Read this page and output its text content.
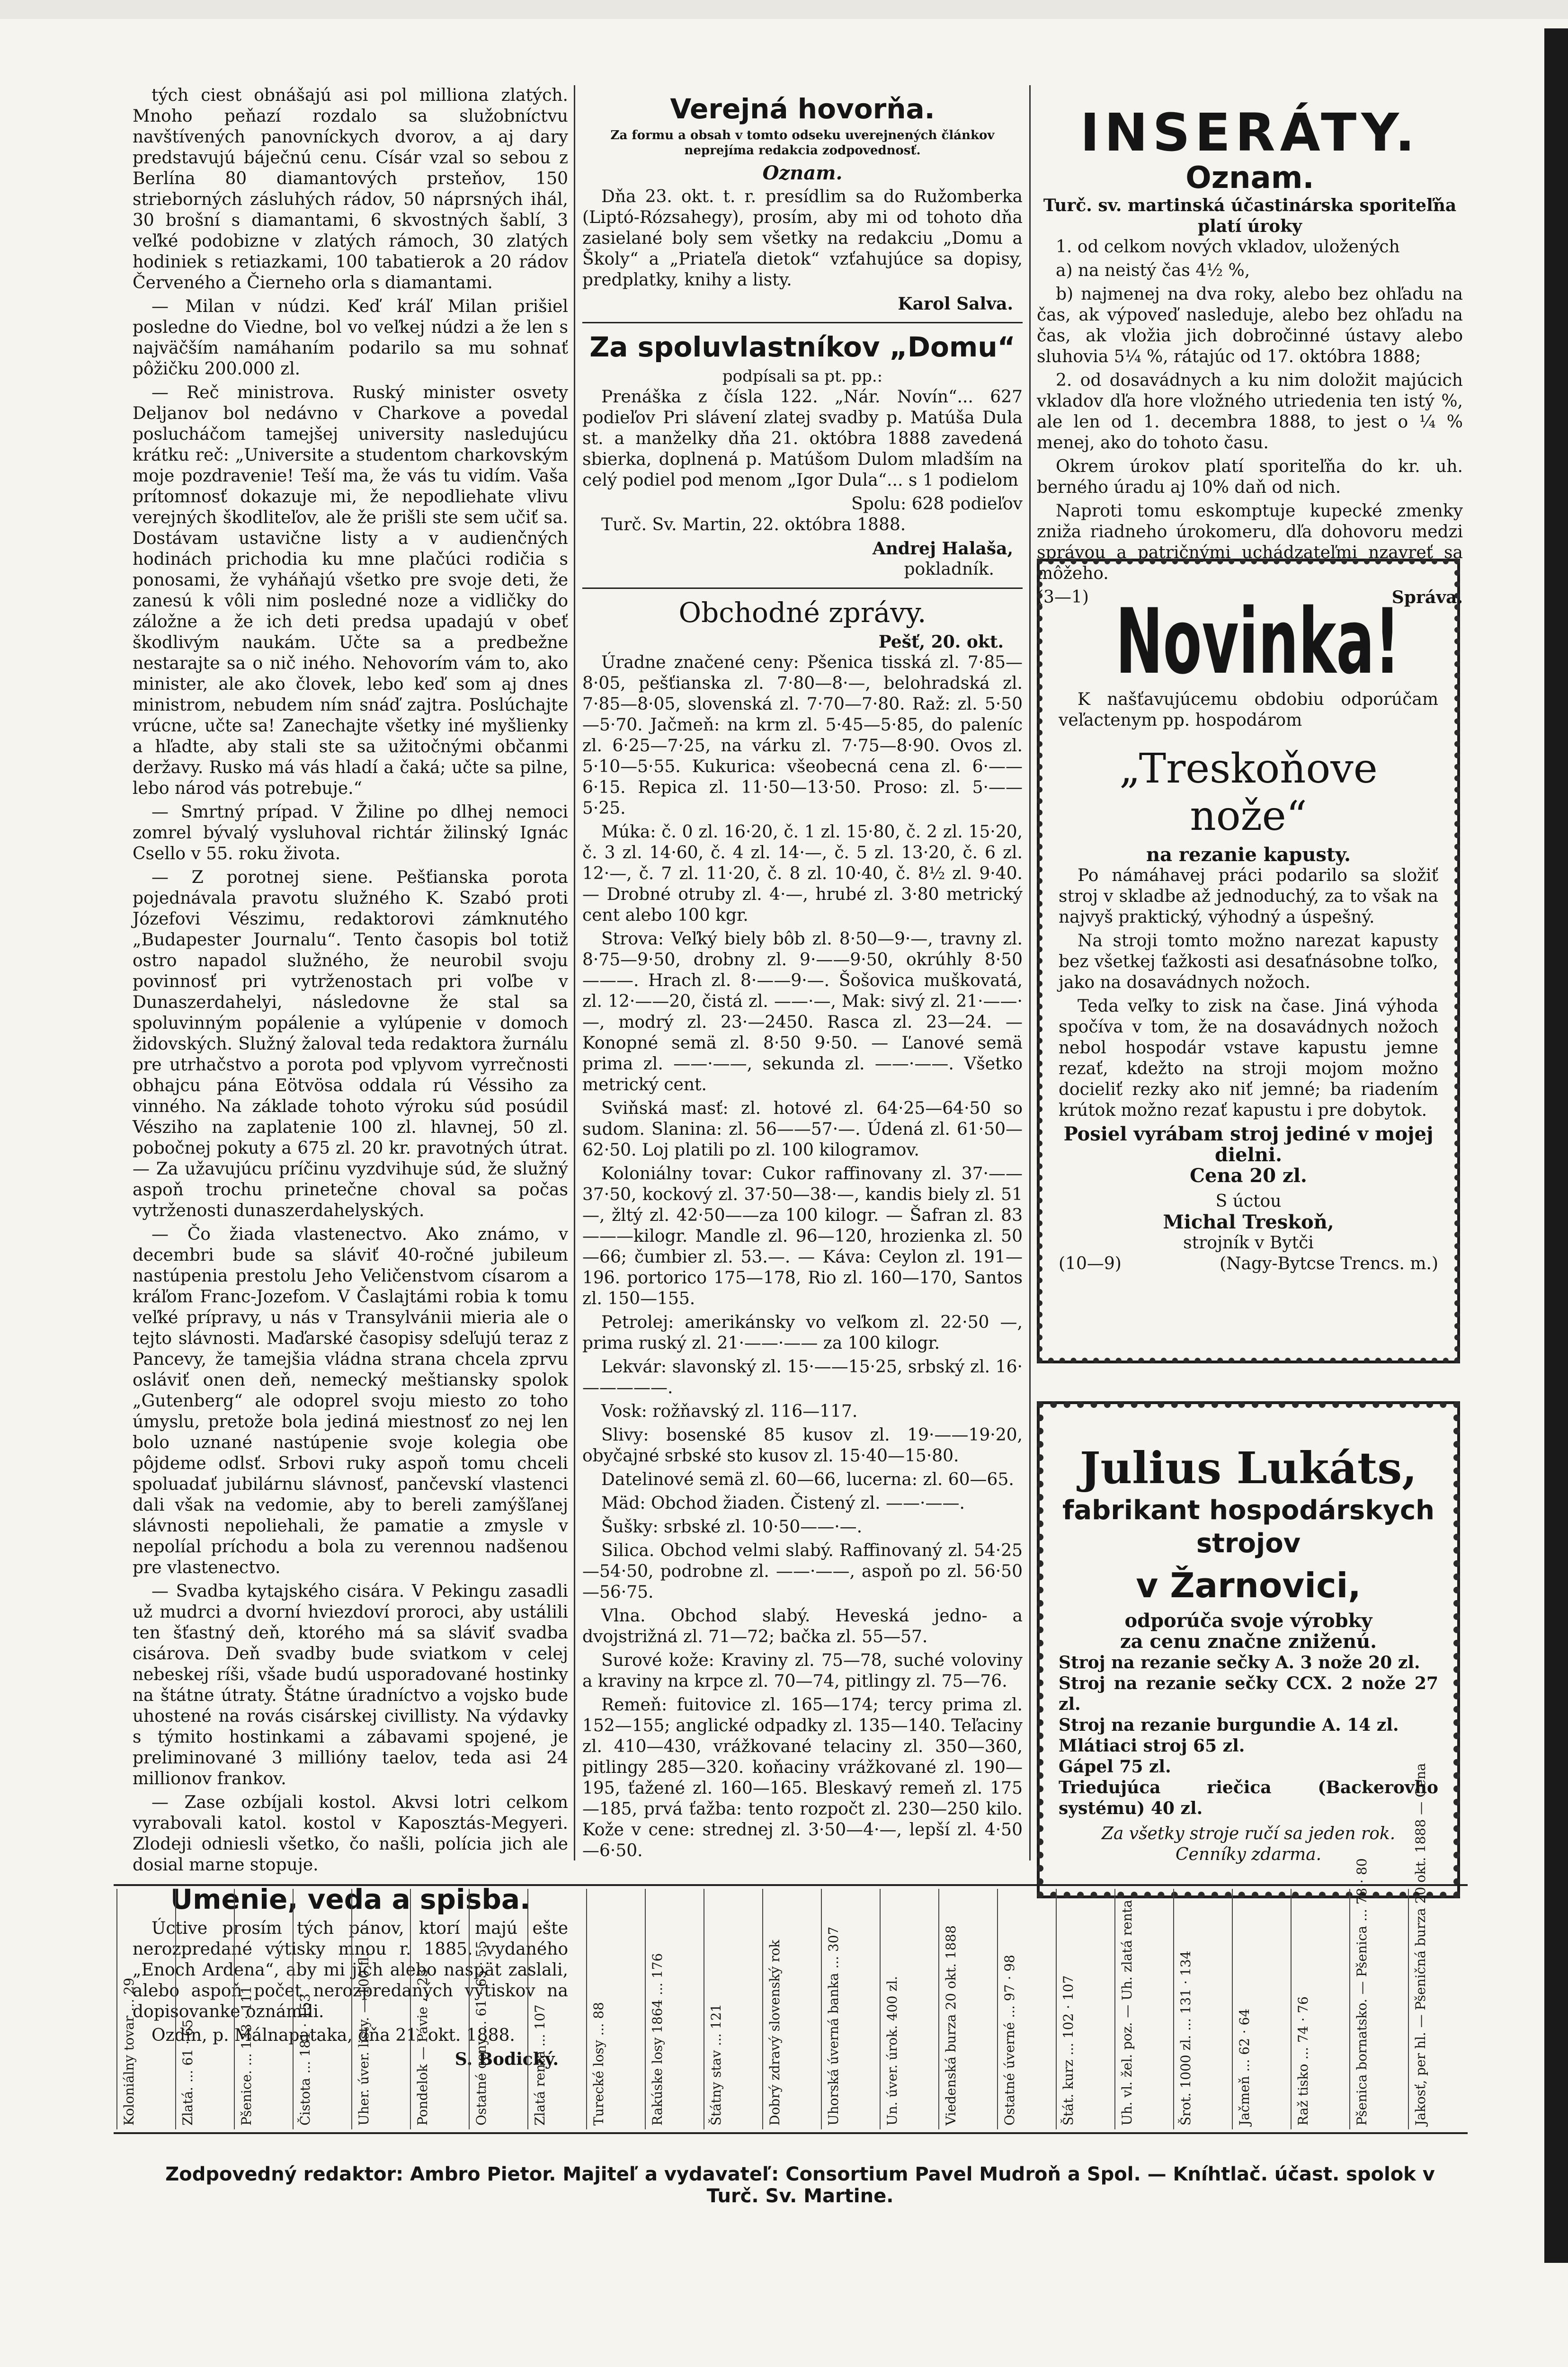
tých ciest obnášajú asi pol milliona zlatých. Mnoho peňazí rozdalo sa služobníctvu navštívených panovníckych dvorov, a aj dary predstavujú báječnú cenu. Císár vzal so sebou z Berlína 80 diamantových prsteňov, 150 strieborných zásluhých rádov, 50 náprsných ihál, 30 brošní s diamantami, 6 skvostných šablí, 3 veľké podobizne v zlatých rámoch, 30 zlatých hodiniek s retiazkami, 100 tabatierok a 20 rádov Červeného a Čierneho orla s diamantami.

— Milan v núdzi. Keď kráľ Milan prišiel posledne do Viedne, bol vo veľkej núdzi a že len s najväčším namáhaním podarilo sa mu sohnať pôžičku 200.000 zl.

— Reč ministrova. Ruský minister osvety Deljanov bol nedávno v Charkove a povedal poslucháčom tamejšej university nasledujúcu krátku reč: „Universite a studentom charkovským moje pozdravenie! Teší ma, že vás tu vidím. Vaša prítomnosť dokazuje mi, že nepodliehate vlivu verejných škodliteľov, ale že prišli ste sem učiť sa. Dostávam ustavične listy a v audienčných hodinách prichodia ku mne plačúci rodičia s ponosami, že vyháňajú všetko pre svoje deti, že zanesú k vôli nim posledné noze a vidličky do záložne a že ich deti predsa upadajú v obeť škodlivým naukám. Učte sa a predbežne nestarajte sa o nič iného. Nehovorím vám to, ako minister, ale ako človek, lebo keď som aj dnes ministrom, nebudem ním snáď zajtra. Poslúchajte vrúcne, učte sa! Zanechajte všetky iné myšlienky a hľadte, aby stali ste sa užitočnými občanmi deržavy. Rusko má vás hladí a čaká; učte sa pilne, lebo národ vás potrebuje.“

— Smrtný prípad. V Žiline po dlhej nemoci zomrel bývalý vysluhoval richtár žilinský Ignác Csello v 55. roku života.

— Z porotnej siene. Pešťianska porota pojednávala pravotu služného K. Szabó proti Józefovi Vészimu, redaktorovi zámknutého „Budapester Journalu“. Tento časopis bol totiž ostro napadol služného, že neurobil svoju povinnosť pri vytrženostach pri voľbe v Dunaszerdahelyi, následovne že stal sa spoluvinným popálenie a vylúpenie v domoch židovských. Služný žaloval teda redaktora žurnálu pre utrhačstvo a porota pod vplyvom vyrrečnosti obhajcu pána Eötvösa oddala rú Véssiho za vinného. Na základe tohoto výroku súd posúdil Vésziho na zaplatenie 100 zl. hlavnej, 50 zl. pobočnej pokuty a 675 zl. 20 kr. pravotných útrat. — Za užavujúcu príčinu vyzdvihuje súd, že služný aspoň trochu prinetečne choval sa počas vytrženosti dunaszerdahelyských.

— Čo žiada vlastenectvo. Ako známo, v decembri bude sa sláviť 40-ročné jubileum nastúpenia prestolu Jeho Veličenstvom císarom a kráľom Franc-Jozefom. V Časlajtámi robia k tomu veľké prípravy, u nás v Transylvánii mieria ale o tejto slávnosti. Maďarské časopisy sdeľujú teraz z Pancevy, že tamejšia vládna strana chcela zprvu osláviť onen deň, nemecký meštiansky spolok „Gutenberg“ ale odoprel svoju miesto zo toho úmyslu, pretože bola jediná miestnosť zo nej len bolo uznané nastúpenie svoje kolegia obe pôjdeme odlsť. Srbovi ruky aspoň tomu chceli spoluadať jubilárnu slávnosť, pančevskí vlastenci dali však na vedomie, aby to bereli zamýšľanej slávnosti nepoliehali, že pamatie a zmysle v nepolíal príchodu a bola zu verennou nadšenou pre vlastenectvo.

— Svadba kytajského cisára. V Pekingu zasadli už mudrci a dvorní hviezdoví proroci, aby ustálili ten šťastný deň, ktorého má sa sláviť svadba cisárova. Deň svadby bude sviatkom v celej nebeskej ríši, všade budú usporadované hostinky na štátne útraty. Štátne úradníctvo a vojsko bude uhostené na rovás cisárskej civillisty. Na výdavky s týmito hostinkami a zábavami spojené, je preliminované 3 millióny taelov, teda asi 24 millionov frankov.

— Zase ozbíjali kostol. Akvsi lotri celkom vyrabovali katol. kostol v Kaposztás-Megyeri. Zlodeji odniesli všetko, čo našli, polícia jich ale dosial marne stopuje.

Umenie, veda a spisba.

Úctive prosím tých pánov, ktorí majú ešte nerozpredané výtisky mnou r. 1885. vydaného „Enoch Ardena“, aby mi jich alebo naspät zaslali, alebo aspoň počet nerozpredaných výtiskov na dopisovanke oznámili.

Ozdín, p. Málnapataka, dňa 21. okt. 1888.

S. Bodický.
Verejná hovorňa.
Za formu a obsah v tomto odseku uverejnených článkov neprejíma redakcia zodpovednosť.
Oznam.

Dňa 23. okt. t. r. presídlim sa do Ružomberka (Liptó-Rózsahegy), prosím, aby mi od tohoto dňa zasielané boly sem všetky na redakciu „Domu a Školy“ a „Priateľa dietok“ vzťahujúce sa dopisy, predplatky, knihy a listy.

Karol Salva.
Za spoluvlastníkov „Domu“
podpísali sa pt. pp.:

Prenáška z čísla 122. „Nár. Novín“... 627 podieľov Pri slávení zlatej svadby p. Matúša Dula st. a manželky dňa 21. októbra 1888 zavedená sbierka, doplnená p. Matúšom Dulom mladším na celý podiel pod menom „Igor Dula“... s 1 podielom

Spolu: 628 podieľov

Turč. Sv. Martin, 22. októbra 1888.

Andrej Halaša,
pokladník.
Obchodné zprávy.
Pešť, 20. okt.

Úradne značené ceny: Pšenica tisská zl. 7·85—8·05, pešťianska zl. 7·80—8·—, belohradská zl. 7·85—8·05, slovenská zl. 7·70—7·80. Raž: zl. 5·50—5·70. Jačmeň: na krm zl. 5·45—5·85, do paleníc zl. 6·25—7·25, na várku zl. 7·75—8·90. Ovos zl. 5·10—5·55. Kukurica: všeobecná cena zl. 6·——6·15. Repica zl. 11·50—13·50. Proso: zl. 5·——5·25.

Múka: č. 0 zl. 16·20, č. 1 zl. 15·80, č. 2 zl. 15·20, č. 3 zl. 14·60, č. 4 zl. 14·—, č. 5 zl. 13·20, č. 6 zl. 12·—, č. 7 zl. 11·20, č. 8 zl. 10·40, č. 8½ zl. 9·40. — Drobné otruby zl. 4·—, hrubé zl. 3·80 metrický cent alebo 100 kgr.

Strova: Veľký biely bôb zl. 8·50—9·—, travny zl. 8·75—9·50, drobny zl. 9·——9·50, okrúhly 8·50———. Hrach zl. 8·——9·—. Šošovica muškovatá, zl. 12·——20, čistá zl. ——·—, Mak: sivý zl. 21·——·—, modrý zl. 23·—2450. Rasca zl. 23—24. — Konopné semä zl. 8·50 9·50. — Ľanové semä prima zl. ——·——, sekunda zl. ——·——. Všetko metrický cent.

Sviňská masť: zl. hotové zl. 64·25—64·50 so sudom. Slanina: zl. 56——57·—. Údená zl. 61·50—62·50. Loj platili po zl. 100 kilogramov.

Koloniálny tovar: Cukor raffinovany zl. 37·——37·50, kockový zl. 37·50—38·—, kandis biely zl. 51—, žltý zl. 42·50——za 100 kilogr. — Šafran zl. 83———kilogr. Mandle zl. 96—120, hrozienka zl. 50—66; čumbier zl. 53.—. — Káva: Ceylon zl. 191—196. portorico 175—178, Rio zl. 160—170, Santos zl. 150—155.

Petrolej: amerikánsky vo veľkom zl. 22·50 —, prima ruský zl. 21·——·—— za 100 kilogr.

Lekvár: slavonský zl. 15·——15·25, srbský zl. 16·—————.

Vosk: rožňavský zl. 116—117.

Slivy: bosenské 85 kusov zl. 19·——19·20, obyčajné srbské sto kusov zl. 15·40—15·80.

Datelinové semä zl. 60—66, lucerna: zl. 60—65.

Mäd: Obchod žiaden. Čistený zl. ——·——.

Šušky: srbské zl. 10·50——·—.

Silica. Obchod velmi slabý. Raffinovaný zl. 54·25—54·50, podrobne zl. ——·——, aspoň po zl. 56·50—56·75.

Vlna. Obchod slabý. Heveská jedno- a dvojstrižná zl. 71—72; bačka zl. 55—57.

Surové kože: Kraviny zl. 75—78, suché voloviny a kraviny na krpce zl. 70—74, pitlingy zl. 75—76.

Remeň: fuitovice zl. 165—174; tercy prima zl. 152—155; anglické odpadky zl. 135—140. Teľaciny zl. 410—430, vrážkované telaciny zl. 350—360, pitlingy 285—320. koňaciny vrážkované zl. 190—195, ťažené zl. 160—165. Bleskavý remeň zl. 175—185, prvá ťažba: tento rozpočt zl. 230—250 kilo. Kože v cene: strednej zl. 3·50—4·—, lepší zl. 4·50—6·50.

INSERÁTY.
Oznam.
Turč. sv. martinská účastinárska sporiteľňa platí úroky

1. od celkom nových vkladov, uložených

a) na neistý čas 4½ %,

b) najmenej na dva roky, alebo bez ohľadu na čas, ak výpoveď nasleduje, alebo bez ohľadu na čas, ak vložia jich dobročinné ústavy alebo sluhovia 5¼ %, rátajúc od 17. októbra 1888;

2. od dosavádnych a ku nim doložit majúcich vkladov dľa hore vložného utriedenia ten istý %, ale len od 1. decembra 1888, to jest o ¼ % menej, ako do tohoto času.

Okrem úrokov platí sporiteľňa do kr. uh. berného úradu aj 10% daň od nich.

Naproti tomu eskomptuje kupecké zmenky zniža riadneho úrokomeru, dľa dohovoru medzi správou a patričnými uchádzateľmi nzavreť sa môžeho.

(3—1)	Správa.
Novinka!

K našťavujúcemu obdobiu odporúčam veľactenym pp. hospodárom

„Treskoňove nože“
na rezanie kapusty.

Po námáhavej práci podarilo sa složiť stroj v skladbe až jednoduchý, za to však na najvyš praktický, výhodný a úspešný.

Na stroji tomto možno narezat kapusty bez všetkej ťažkosti asi desaťnásobne toľko, jako na dosavádnych nožoch.

Teda veľky to zisk na čase. Jiná výhoda spočíva v tom, že na dosavádnych nožoch nebol hospodár vstave kapustu jemne rezať, kdežto na stroji mojom možno docieliť rezky ako niť jemné; ba riadením krútok možno rezať kapustu i pre dobytok.

Posiel vyrábam stroj jediné v mojej dielni.
Cena 20 zl.
S úctou
Michal Treskoň,
strojník v Bytči
(10—9)	(Nagy-Bytcse Trencs. m.)
Julius Lukáts,
fabrikant hospodárskych strojov
v Žarnovici,
odporúča svoje výrobky
za cenu značne zniženú.
Stroj na rezanie sečky A. 3 nože 20 zl.
Stroj na rezanie sečky CCX. 2 nože 27 zl.
Stroj na rezanie burgundie A. 14 zl.
Mlátiaci stroj 65 zl.
Gápel 75 zl.
Triedujúca riečica (Backerovho systému) 40 zl.
Za všetky stroje ručí sa jeden rok.
Cenníky zdarma.	Jakosť, per hl. — Pšeničná burza 20 okt. 1888 — Cena
Pšenica bornatsko. — Pšenica ... 78 · 80
Raž tisko ... 74 · 76
Jačmeň ... 62 · 64
Šrot. 1000 zl. ... 131 · 134
Uh. vl. žel. poz. — Uh. zlatá renta
Štát. kurz ... 102 · 107
Ostatné úverné ... 97 · 98
Viedenská burza 20 okt. 1888
Un. úver. úrok. 400 zl.
Uhorská úverná banka ... 307
Dobrý zdravý slovenský rok
Štátny stav ... 121
Rakúske losy 1864 ... 176
Turecké losy ... 88
Zlatá renta ... 107
Ostatné ceny ... 61 · 65 · 55
Pondelok — Pávie ... 23
Uher. úver. listy. — 100 fl.
Čistota ... 181 · 153
Pšenice. ... 133 · 111
Zlatá. ... 61 · 65
Koloniálny tovar ... 29
Zodpovedný redaktor: Ambro Pietor. Majiteľ a vydavateľ: Consortium Pavel Mudroň a Spol. — Kníhtlač. účast. spolok v Turč. Sv. Martine.
